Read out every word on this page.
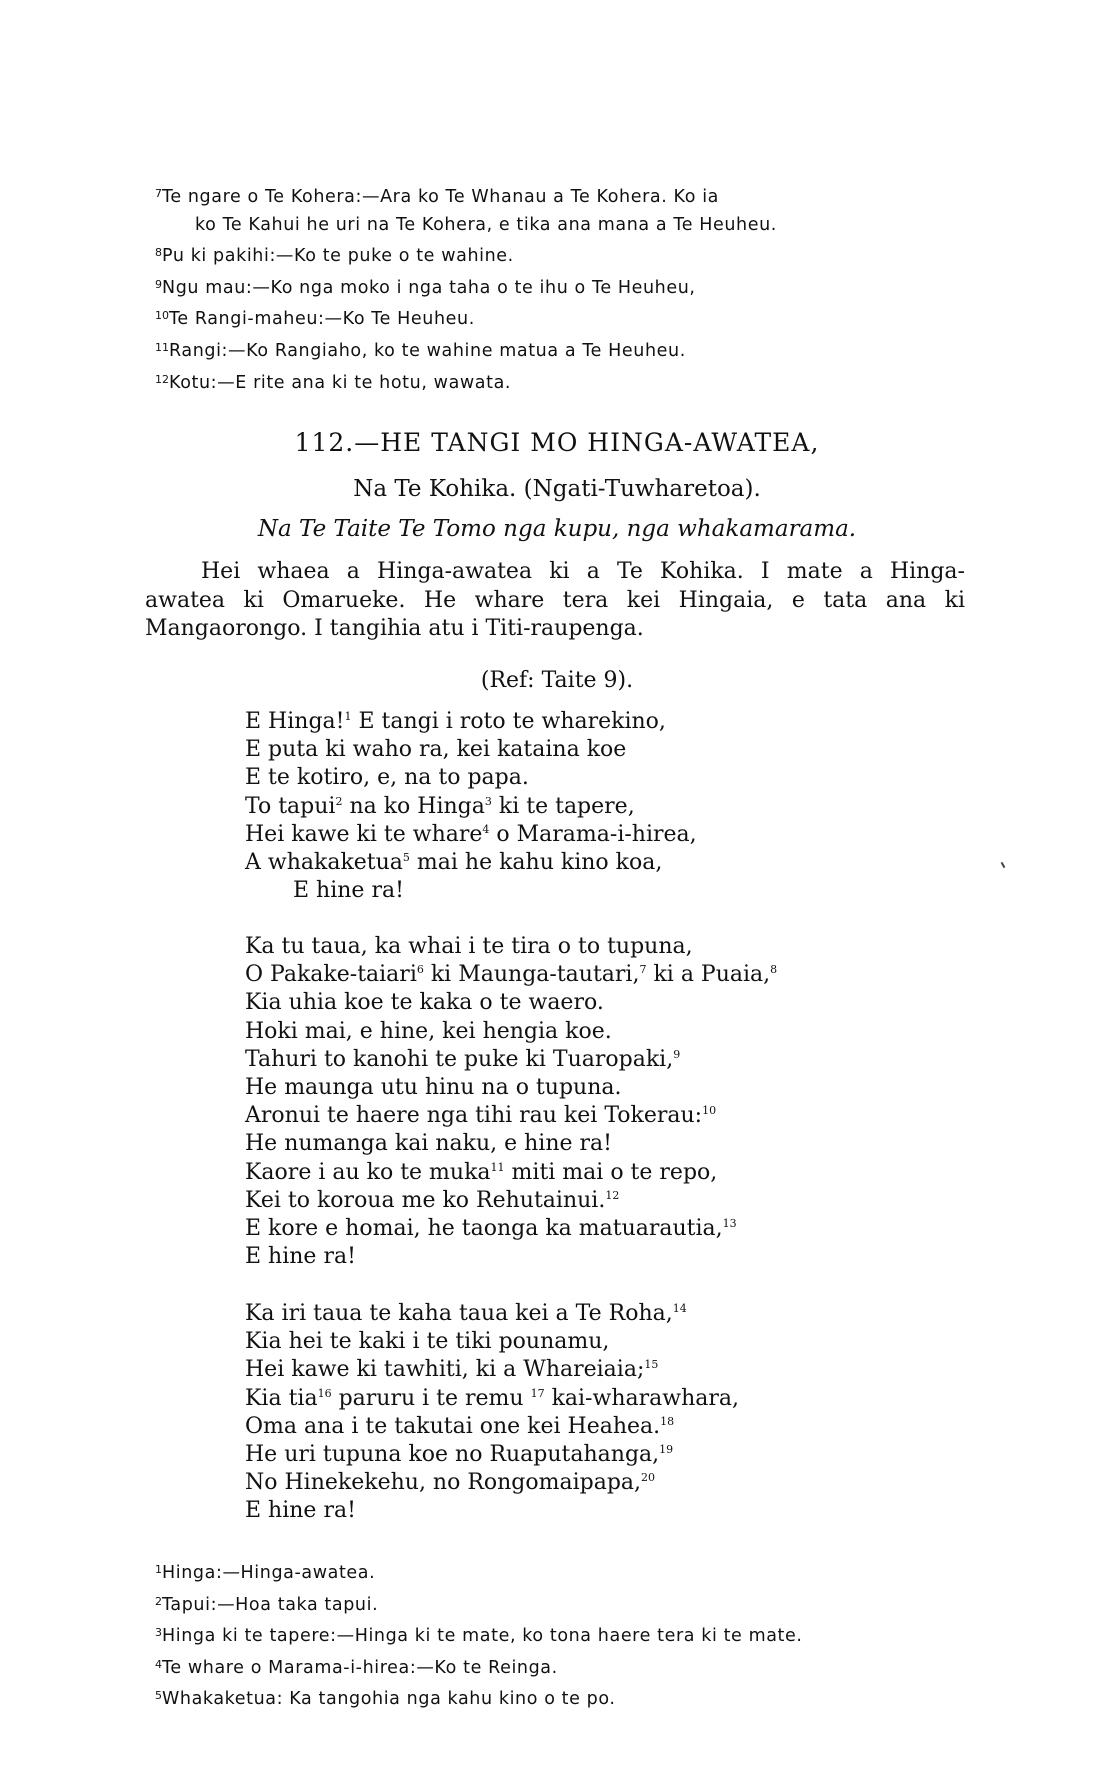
$^7$Te ngare o Te Kohera:—Ara ko Te Whanau a Te Kohera. Ko ia
ko Te Kahui he uri na Te Kohera, e tika ana mana a Te Heuheu.
$^8$Pu ki pakihi:—Ko te puke o te wahine.
$^9$Ngu mau:—Ko nga moko i nga taha o te ihu o Te Heuheu,
$^{10}$Te Rangi-maheu:—Ko Te Heuheu.
$^{11}$Rangi:—Ko Rangiaho, ko te wahine matua a Te Heuheu.
$^{12}$Kotu:—E rite ana ki te hotu, wawata.
112.—HE TANGI MO HINGA-AWATEA,
Na Te Kohika. (Ngati-Tuwharetoa).
Na Te Taite Te Tomo nga kupu, nga whakamarama.
Hei whaea a Hinga-awatea ki a Te Kohika. I mate a Hinga-
awatea ki Omarueke. He whare tera kei Hingaia, e tata ana ki
Mangaorongo. I tangihia atu i Titi-raupenga.
(Ref: Taite 9).
E Hinga!$^1$ E tangi i roto te wharekino,
E puta ki waho ra, kei kataina koe
E te kotiro, e, na to papa.
To tapui$^2$ na ko Hinga$^3$ ki te tapere,
Hei kawe ki te whare$^4$ o Marama-i-hirea,
A whakaketua$^5$ mai he kahu kino koa,
E hine ra!
Ka tu taua, ka whai i te tira o to tupuna,
O Pakake-taiari$^6$ ki Maunga-tautari,$^7$ ki a Puaia,$^8$
Kia uhia koe te kaka o te waero.
Hoki mai, e hine, kei hengia koe.
Tahuri to kanohi te puke ki Tuaropaki,$^9$
He maunga utu hinu na o tupuna.
Aronui te haere nga tihi rau kei Tokerau:$^{10}$
He numanga kai naku, e hine ra!
Kaore i au ko te muka$^{11}$ miti mai o te repo,
Kei to koroua me ko Rehutainui.$^{12}$
E kore e homai, he taonga ka matuarautia,$^{13}$
E hine ra!
Ka iri taua te kaha taua kei a Te Roha,$^{14}$
Kia hei te kaki i te tiki pounamu,
Hei kawe ki tawhiti, ki a Whareiaia;$^{15}$
Kia tia$^{16}$ paruru i te remu $^{17}$ kai-wharawhara,
Oma ana i te takutai one kei Heahea.$^{18}$
He uri tupuna koe no Ruaputahanga,$^{19}$
No Hinekekehu, no Rongomaipapa,$^{20}$
E hine ra!
$^1$Hinga:—Hinga-awatea.
$^2$Tapui:—Hoa taka tapui.
$^3$Hinga ki te tapere:—Hinga ki te mate, ko tona haere tera ki te mate.
$^4$Te whare o Marama-i-hirea:—Ko te Reinga.
$^5$Whakaketua: Ka tangohia nga kahu kino o te po.
